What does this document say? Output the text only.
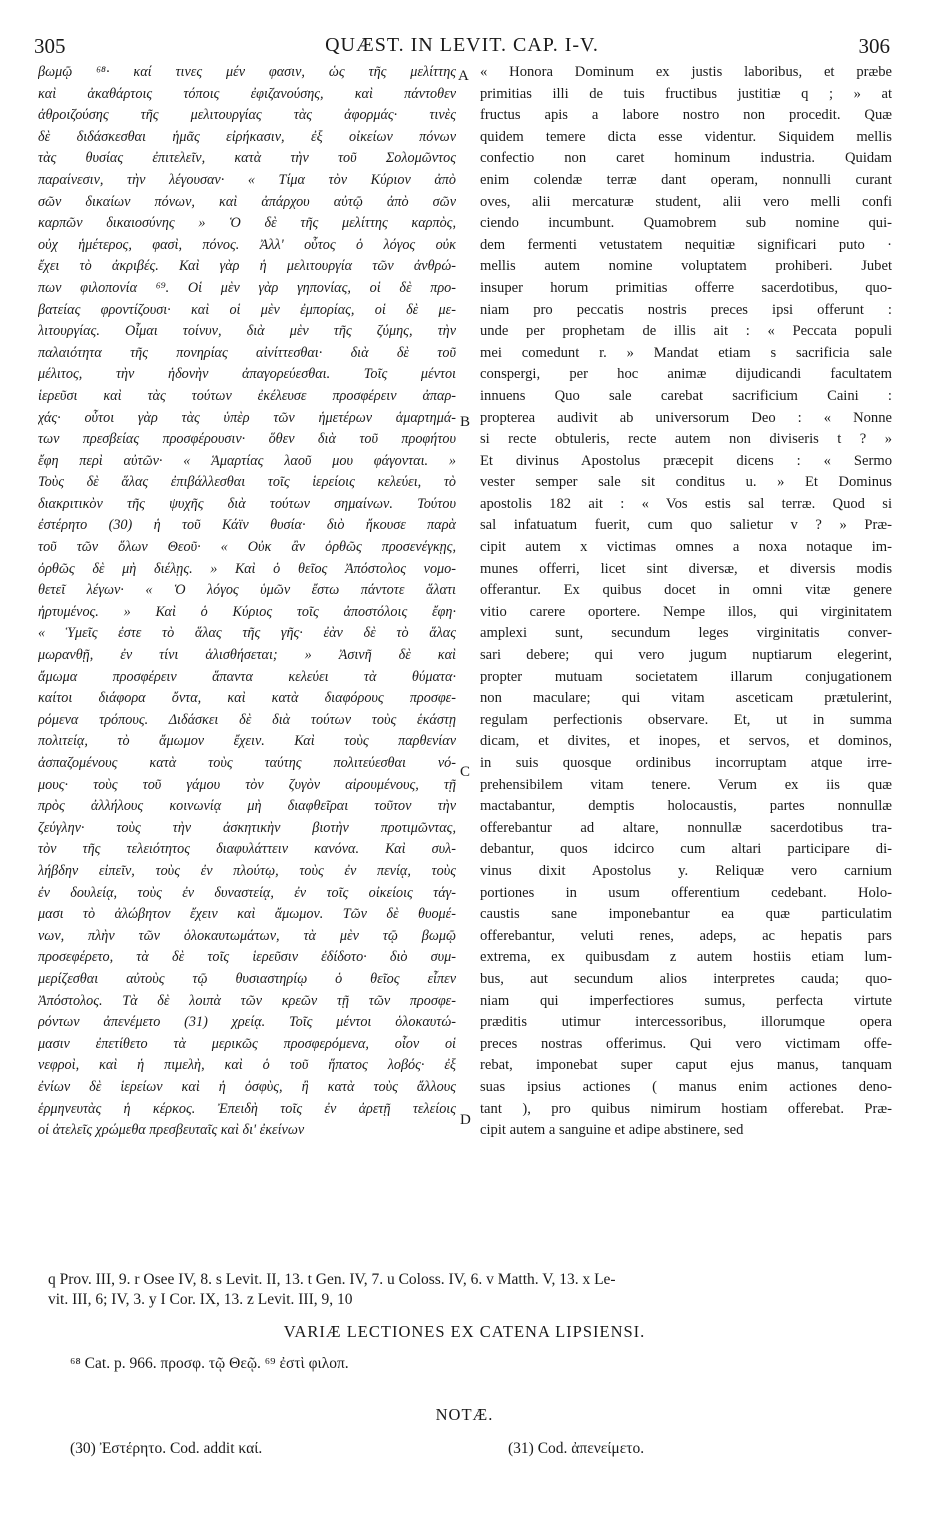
305	QUÆST. IN LEVIT. CAP. I-V.	306
βωμῷ ⁶⁸· καί τινες μέν φασιν, ὡς τῆς μελίττης
καὶ ἀκαθάρτοις τόποις ἐφιζανούσης, καὶ πάντοθεν
ἀθροιζούσης τῆς μελιτουργίας τὰς ἀφορμάς· τινὲς
δὲ διδάσκεσθαι ἡμᾶς εἰρήκασιν, ἐξ οἰκείων πόνων
τὰς θυσίας ἐπιτελεῖν, κατὰ τὴν τοῦ Σολομῶντος
παραίνεσιν, τὴν λέγουσαν· « Τίμα τὸν Κύριον ἀπὸ
σῶν δικαίων πόνων, καὶ ἀπάρχου αὐτῷ ἀπὸ σῶν
καρπῶν δικαιοσύνης » Ὁ δὲ τῆς μελίττης καρπὸς,
οὐχ ἡμέτερος, φασὶ, πόνος. Ἀλλ' οὗτος ὁ λόγος οὐκ
ἔχει τὸ ἀκριβές. Καὶ γὰρ ἡ μελιτουργία τῶν ἀνθρώ-
πων φιλοπονία ⁶⁹. Οἱ μὲν γὰρ γηπονίας, οἱ δὲ προ-
βατείας φροντίζουσι· καὶ οἱ μὲν ἐμπορίας, οἱ δὲ με-
λιτουργίας. Οἶμαι τοίνυν, διὰ μὲν τῆς ζύμης, τὴν
παλαιότητα τῆς πονηρίας αἰνίττεσθαι· διὰ δὲ τοῦ
μέλιτος, τὴν ἡδονὴν ἀπαγορεύεσθαι. Τοῖς μέντοι
ἱερεῦσι καὶ τὰς τούτων ἐκέλευσε προσφέρειν ἀπαρ-
χάς· οὗτοι γὰρ τὰς ὑπὲρ τῶν ἡμετέρων ἁμαρτημά-
των πρεσβείας προσφέρουσιν· ὅθεν διὰ τοῦ προφήτου
ἔφη περὶ αὐτῶν· « Ἁμαρτίας λαοῦ μου φάγονται. »
Τοὺς δὲ ἅλας ἐπιβάλλεσθαι τοῖς ἱερείοις κελεύει, τὸ
διακριτικὸν τῆς ψυχῆς διὰ τούτων σημαίνων. Τούτου
ἐστέρητο (30) ἡ τοῦ Κάϊν θυσία· διὸ ἤκουσε παρὰ
τοῦ τῶν ὅλων Θεοῦ· « Οὐκ ἂν ὀρθῶς προσενέγκῃς,
ὀρθῶς δὲ μὴ διέλῃς. » Καὶ ὁ θεῖος Ἀπόστολος νομο-
θετεῖ λέγων· « Ὁ λόγος ὑμῶν ἔστω πάντοτε ἅλατι
ἠρτυμένος. » Καὶ ὁ Κύριος τοῖς ἀποστόλοις ἔφη·
« Ὑμεῖς ἐστε τὸ ἅλας τῆς γῆς· ἐὰν δὲ τὸ ἅλας
μωρανθῇ, ἐν τίνι ἁλισθήσεται; » Ἀσινῆ δὲ καὶ
ἄμωμα προσφέρειν ἅπαντα κελεύει τὰ θύματα·
καίτοι διάφορα ὄντα, καὶ κατὰ διαφόρους προσφε-
ρόμενα τρόπους. Διδάσκει δὲ διὰ τούτων τοὺς ἑκάστῃ
πολιτείᾳ, τὸ ἄμωμον ἔχειν. Καὶ τοὺς παρθενίαν
ἀσπαζομένους κατὰ τοὺς ταύτης πολιτεύεσθαι νό-
μους· τοὺς τοῦ γάμου τὸν ζυγὸν αἱρουμένους, τῇ
πρὸς ἀλλήλους κοινωνίᾳ μὴ διαφθεῖραι τοῦτον τὴν
ζεύγλην· τοὺς τὴν ἀσκητικὴν βιοτὴν προτιμῶντας,
τὸν τῆς τελειότητος διαφυλάττειν κανόνα. Καὶ συλ-
λήβδην εἰπεῖν, τοὺς ἐν πλούτῳ, τοὺς ἐν πενίᾳ, τοὺς
ἐν δουλείᾳ, τοὺς ἐν δυναστείᾳ, ἐν τοῖς οἰκείοις τάγ-
μασι τὸ ἀλώβητον ἔχειν καὶ ἄμωμον. Τῶν δὲ θυομέ-
νων, πλὴν τῶν ὁλοκαυτωμάτων, τὰ μὲν τῷ βωμῷ
προσεφέρετο, τὰ δὲ τοῖς ἱερεῦσιν ἐδίδοτο· διὸ συμ-
μερίζεσθαι αὐτοὺς τῷ θυσιαστηρίῳ ὁ θεῖος εἶπεν
Ἀπόστολος. Τὰ δὲ λοιπὰ τῶν κρεῶν τῇ τῶν προσφε-
ρόντων ἀπενέμετο (31) χρείᾳ. Τοῖς μέντοι ὁλοκαυτώ-
μασιν ἐπετίθετο τὰ μερικῶς προσφερόμενα, οἷον οἱ
νεφροὶ, καὶ ἡ πιμελὴ, καὶ ὁ τοῦ ἥπατος λοβός· ἐξ
ἐνίων δὲ ἱερείων καὶ ἡ ὀσφὺς, ἢ κατὰ τοὺς ἄλλους
ἑρμηνευτὰς ἡ κέρκος. Ἐπειδὴ τοῖς ἐν ἀρετῇ τελείοις
οἱ ἀτελεῖς χρώμεθα πρεσβευταῖς καὶ δι' ἐκείνων
« Honora Dominum ex justis laboribus, et præbe
primitias illi de tuis fructibus justitiæ q ; » at
fructus apis a labore nostro non procedit. Quæ
quidem temere dicta esse videntur. Siquidem mellis
confectio non caret hominum industria. Quidam
enim colendæ terræ dant operam, nonnulli curant
oves, alii mercaturæ student, alii vero melli confi
ciendo incumbunt. Quamobrem sub nomine qui-
dem fermenti vetustatem nequitiæ significari puto ·
mellis autem nomine voluptatem prohiberi. Jubet
insuper horum primitias offerre sacerdotibus, quo-
niam pro peccatis nostris preces ipsi offerunt :
unde per prophetam de illis ait : « Peccata populi
mei comedunt r. » Mandat etiam s sacrificia sale
conspergi, per hoc animæ dijudicandi facultatem
innuens Quo sale carebat sacrificium Caini :
propterea audivit ab universorum Deo : « Nonne
si recte obtuleris, recte autem non diviseris t ? »
Et divinus Apostolus præcepit dicens : « Sermo
vester semper sale sit conditus u. » Et Dominus
apostolis 182 ait : « Vos estis sal terræ. Quod si
sal infatuatum fuerit, cum quo salietur v ? » Præ-
cipit autem x victimas omnes a noxa notaque im-
munes offerri, licet sint diversæ, et diversis modis
offerantur. Ex quibus docet in omni vitæ genere
vitio carere oportere. Nempe illos, qui virginitatem
amplexi sunt, secundum leges virginitatis conver-
sari debere; qui vero jugum nuptiarum elegerint,
propter mutuam societatem illarum conjugationem
non maculare; qui vitam asceticam prætulerint,
regulam perfectionis observare. Et, ut in summa
dicam, et divites, et inopes, et servos, et dominos,
in suis quosque ordinibus incorruptam atque irre-
prehensibilem vitam tenere. Verum ex iis quæ
mactabantur, demptis holocaustis, partes nonnullæ
offerebantur ad altare, nonnullæ sacerdotibus tra-
debantur, quos idcirco cum altari participare di-
vinus dixit Apostolus y. Reliquæ vero carnium
portiones in usum offerentium cedebant. Holo-
caustis sane imponebantur ea quæ particulatim
offerebantur, veluti renes, adeps, ac hepatis pars
extrema, ex quibusdam z autem hostiis etiam lum-
bus, aut secundum alios interpretes cauda; quo-
niam qui imperfectiores sumus, perfecta virtute
præditis utimur intercessoribus, illorumque opera
preces nostras offerimus. Qui vero victimam offe-
rebat, imponebat super caput ejus manus, tanquam
suas ipsius actiones ( manus enim actiones deno-
tant ), pro quibus nimirum hostiam offerebat. Præ-
cipit autem a sanguine et adipe abstinere, sed
A
B
C
D
q Prov. III, 9. r Osee IV, 8. s Levit. II, 13. t Gen. IV, 7. u Coloss. IV, 6. v Matth. V, 13. x Le-
vit. III, 6; IV, 3. y I Cor. IX, 13. z Levit. III, 9, 10
VARIÆ LECTIONES EX CATENA LIPSIENSI.
⁶⁸ Cat. p. 966. προσφ. τῷ Θεῷ. ⁶⁹ ἐστὶ φιλοπ.
NOTÆ.
(30) Ἐστέρητο. Cod. addit καί.	(31) Cod. ἀπενείμετο.
